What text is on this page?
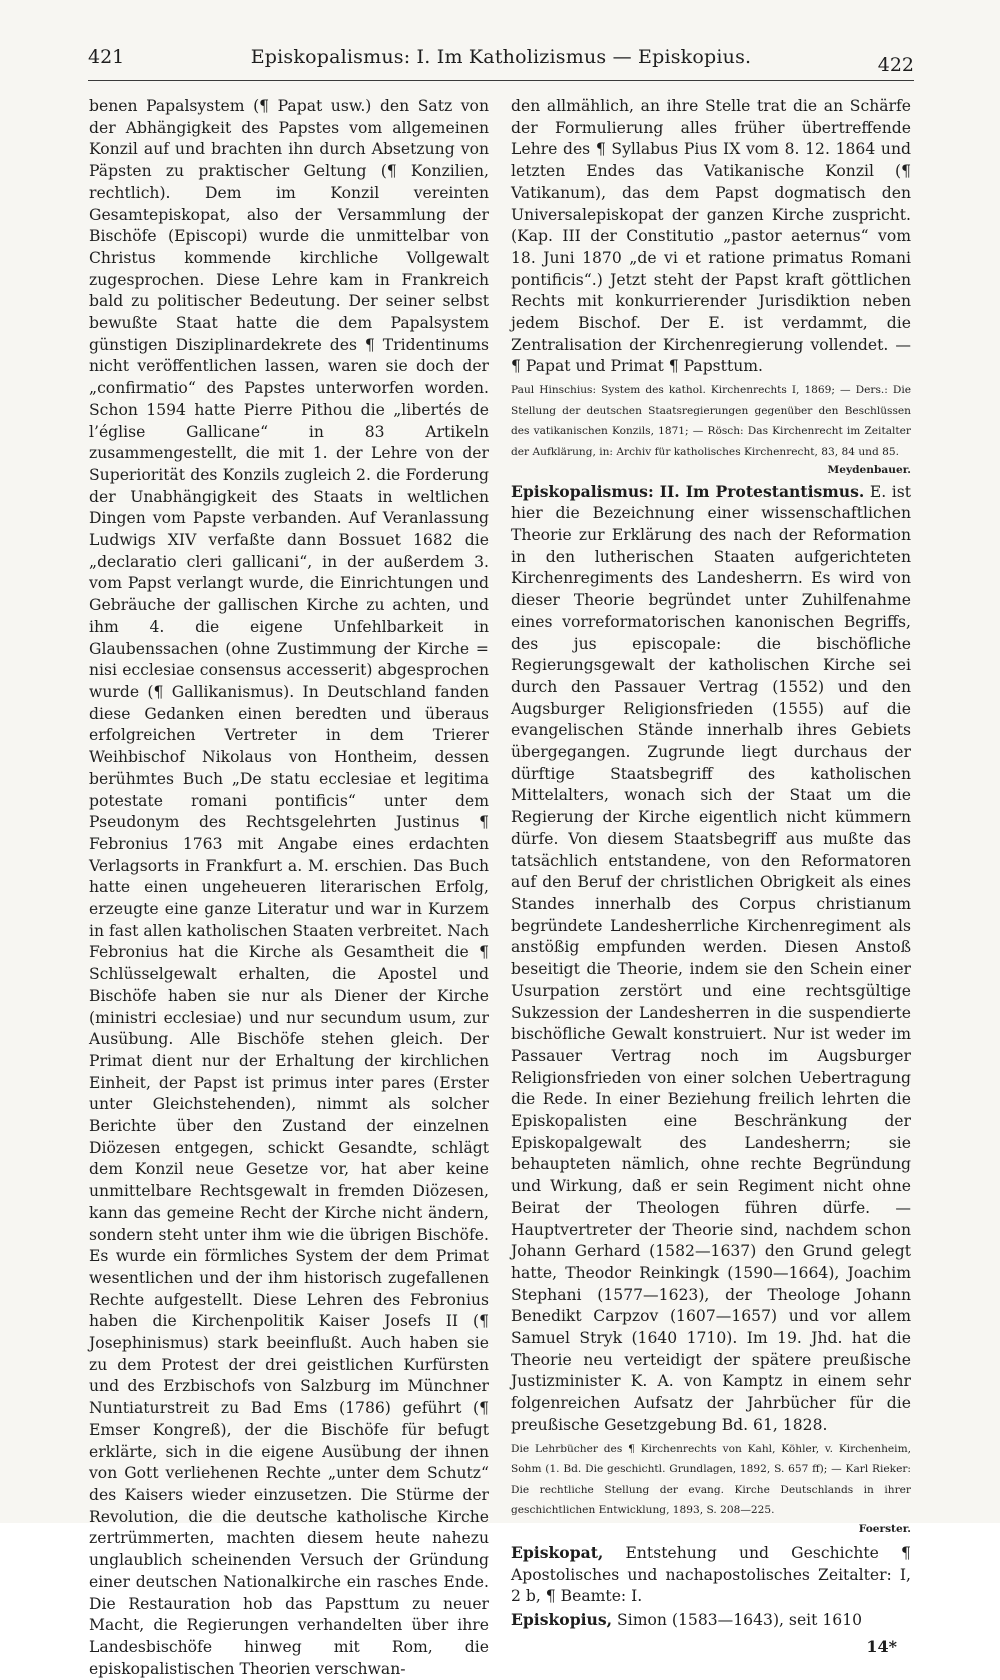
421	Episkopalismus: I. Im Katholizismus — Episkopius.	422

benen Papalsystem (¶ Papat usw.) den Satz von der Abhängigkeit des Papstes vom allgemeinen Konzil auf und brachten ihn durch Absetzung von Päpsten zu praktischer Geltung (¶ Konzilien, rechtlich). Dem im Konzil vereinten Gesamtepiskopat, also der Versammlung der Bischöfe (Episcopi) wurde die unmittelbar von Christus kommende kirchliche Vollgewalt zugesprochen. Diese Lehre kam in Frankreich bald zu politischer Bedeutung. Der seiner selbst bewußte Staat hatte die dem Papalsystem günstigen Disziplinardekrete des ¶ Tridentinums nicht veröffentlichen lassen, waren sie doch der „confirmatio“ des Papstes unterworfen worden. Schon 1594 hatte Pierre Pithou die „libertés de l’église Gallicane“ in 83 Artikeln zusammengestellt, die mit 1. der Lehre von der Superiorität des Konzils zugleich 2. die Forderung der Unabhängigkeit des Staats in weltlichen Dingen vom Papste verbanden. Auf Veranlassung Ludwigs XIV verfaßte dann Bossuet 1682 die „declaratio cleri gallicani“, in der außerdem 3. vom Papst verlangt wurde, die Einrichtungen und Gebräuche der gallischen Kirche zu achten, und ihm 4. die eigene Unfehlbarkeit in Glaubenssachen (ohne Zustimmung der Kirche = nisi ecclesiae consensus accesserit) abgesprochen wurde (¶ Gallikanismus). In Deutschland fanden diese Gedanken einen beredten und überaus erfolgreichen Vertreter in dem Trierer Weihbischof Nikolaus von Hontheim, dessen berühmtes Buch „De statu ecclesiae et legitima potestate romani pontificis“ unter dem Pseudonym des Rechtsgelehrten Justinus ¶ Febronius 1763 mit Angabe eines erdachten Verlagsorts in Frankfurt a. M. erschien. Das Buch hatte einen ungeheueren literarischen Erfolg, erzeugte eine ganze Literatur und war in Kurzem in fast allen katholischen Staaten verbreitet. Nach Febronius hat die Kirche als Gesamtheit die ¶ Schlüsselgewalt erhalten, die Apostel und Bischöfe haben sie nur als Diener der Kirche (ministri ecclesiae) und nur secundum usum, zur Ausübung. Alle Bischöfe stehen gleich. Der Primat dient nur der Erhaltung der kirchlichen Einheit, der Papst ist primus inter pares (Erster unter Gleichstehenden), nimmt als solcher Berichte über den Zustand der einzelnen Diözesen entgegen, schickt Gesandte, schlägt dem Konzil neue Gesetze vor, hat aber keine unmittelbare Rechtsgewalt in fremden Diözesen, kann das gemeine Recht der Kirche nicht ändern, sondern steht unter ihm wie die übrigen Bischöfe. Es wurde ein förmliches System der dem Primat wesentlichen und der ihm historisch zugefallenen Rechte aufgestellt. Diese Lehren des Febronius haben die Kirchenpolitik Kaiser Josefs II (¶ Josephinismus) stark beeinflußt. Auch haben sie zu dem Protest der drei geistlichen Kurfürsten und des Erzbischofs von Salzburg im Münchner Nuntiaturstreit zu Bad Ems (1786) geführt (¶ Emser Kongreß), der die Bischöfe für befugt erklärte, sich in die eigene Ausübung der ihnen von Gott verliehenen Rechte „unter dem Schutz“ des Kaisers wieder einzusetzen. Die Stürme der Revolution, die die deutsche katholische Kirche zertrümmerten, machten diesem heute nahezu unglaublich scheinenden Versuch der Gründung einer deutschen Nationalkirche ein rasches Ende. Die Restauration hob das Papsttum zu neuer Macht, die Regierungen verhandelten über ihre Landesbischöfe hinweg mit Rom, die episkopalistischen Theorien verschwan-

den allmählich, an ihre Stelle trat die an Schärfe der Formulierung alles früher übertreffende Lehre des ¶ Syllabus Pius IX vom 8. 12. 1864 und letzten Endes das Vatikanische Konzil (¶ Vatikanum), das dem Papst dogmatisch den Universalepiskopat der ganzen Kirche zuspricht. (Kap. III der Constitutio „pastor aeternus“ vom 18. Juni 1870 „de vi et ratione primatus Romani pontificis“.) Jetzt steht der Papst kraft göttlichen Rechts mit konkurrierender Jurisdiktion neben jedem Bischof. Der E. ist verdammt, die Zentralisation der Kirchenregierung vollendet. — ¶ Papat und Primat ¶ Papsttum.

Paul Hinschius: System des kathol. Kirchenrechts I, 1869; — Ders.: Die Stellung der deutschen Staatsregierungen gegenüber den Beschlüssen des vatikanischen Konzils, 1871; — Rösch: Das Kirchenrecht im Zeitalter der Aufklärung, in: Archiv für katholisches Kirchenrecht, 83, 84 und 85.
Meydenbauer.

Episkopalismus: II. Im Protestantismus. E. ist hier die Bezeichnung einer wissenschaftlichen Theorie zur Erklärung des nach der Reformation in den lutherischen Staaten aufgerichteten Kirchenregiments des Landesherrn. Es wird von dieser Theorie begründet unter Zuhilfenahme eines vorreformatorischen kanonischen Begriffs, des jus episcopale: die bischöfliche Regierungsgewalt der katholischen Kirche sei durch den Passauer Vertrag (1552) und den Augsburger Religionsfrieden (1555) auf die evangelischen Stände innerhalb ihres Gebiets übergegangen. Zugrunde liegt durchaus der dürftige Staatsbegriff des katholischen Mittelalters, wonach sich der Staat um die Regierung der Kirche eigentlich nicht kümmern dürfe. Von diesem Staatsbegriff aus mußte das tatsächlich entstandene, von den Reformatoren auf den Beruf der christlichen Obrigkeit als eines Standes innerhalb des Corpus christianum begründete Landesherrliche Kirchenregiment als anstößig empfunden werden. Diesen Anstoß beseitigt die Theorie, indem sie den Schein einer Usurpation zerstört und eine rechtsgültige Sukzession der Landesherren in die suspendierte bischöfliche Gewalt konstruiert. Nur ist weder im Passauer Vertrag noch im Augsburger Religionsfrieden von einer solchen Uebertragung die Rede. In einer Beziehung freilich lehrten die Episkopalisten eine Beschränkung der Episkopalgewalt des Landesherrn; sie behaupteten nämlich, ohne rechte Begründung und Wirkung, daß er sein Regiment nicht ohne Beirat der Theologen führen dürfe. — Hauptvertreter der Theorie sind, nachdem schon Johann Gerhard (1582—1637) den Grund gelegt hatte, Theodor Reinkingk (1590—1664), Joachim Stephani (1577—1623), der Theologe Johann Benedikt Carpzov (1607—1657) und vor allem Samuel Stryk (1640 1710). Im 19. Jhd. hat die Theorie neu verteidigt der spätere preußische Justizminister K. A. von Kamptz in einem sehr folgenreichen Aufsatz der Jahrbücher für die preußische Gesetzgebung Bd. 61, 1828.

Die Lehrbücher des ¶ Kirchenrechts von Kahl, Köhler, v. Kirchenheim, Sohm (1. Bd. Die geschichtl. Grundlagen, 1892, S. 657 ff); — Karl Rieker: Die rechtliche Stellung der evang. Kirche Deutschlands in ihrer geschichtlichen Entwicklung, 1893, S. 208—225.
Foerster.

Episkopat, Entstehung und Geschichte ¶ Apostolisches und nachapostolisches Zeitalter: I, 2 b, ¶ Beamte: I.

Episkopius, Simon (1583—1643), seit 1610

14*
